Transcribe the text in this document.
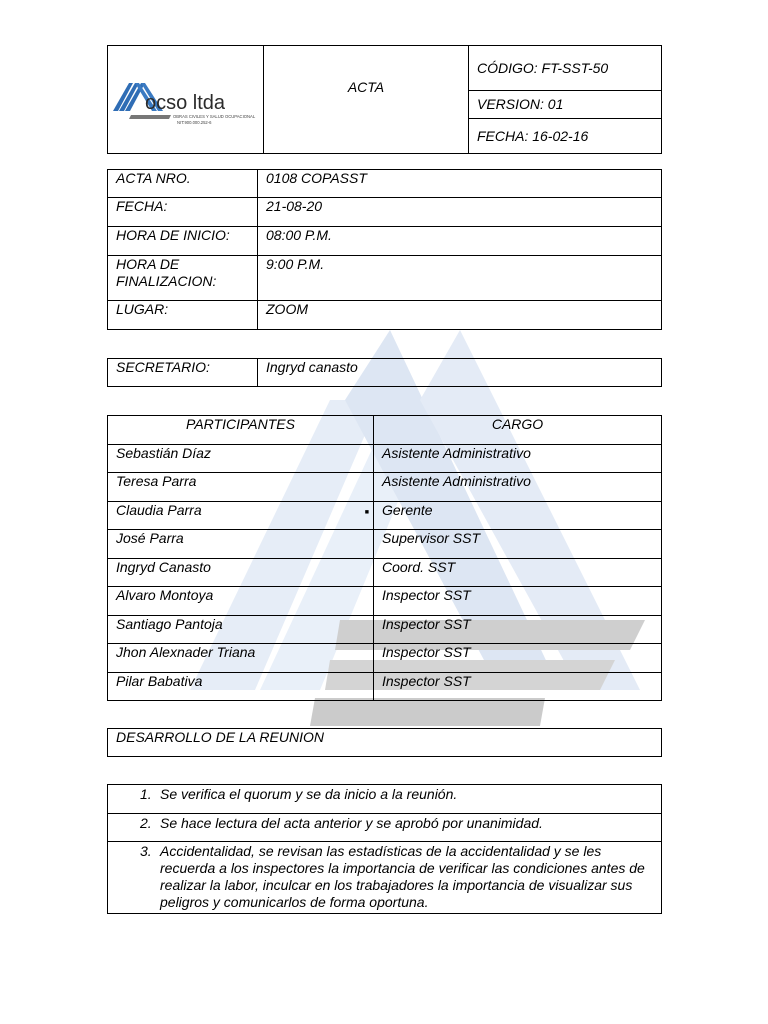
ocso ltda
OBRAS CIVILES Y SALUD OCUPACIONAL
NIT:900.000.252-6
	ACTA	CÓDIGO: FT-SST-50
VERSION: 01
FECHA: 16-02-16
ACTA NRO.	0108 COPASST
FECHA:	21-08-20
HORA DE INICIO:	08:00 P.M.
HORA DE FINALIZACION:	9:00 P.M.
LUGAR:	ZOOM
SECRETARIO:	Ingryd canasto
PARTICIPANTES	CARGO
Sebastián Díaz	Asistente Administrativo
Teresa Parra	Asistente Administrativo

■
Claudia Parra	Gerente
José Parra	Supervisor SST
Ingryd Canasto	Coord. SST
Alvaro Montoya	Inspector SST
Santiago Pantoja	Inspector SST
Jhon Alexnader Triana	Inspector SST
Pilar Babativa	Inspector SST
DESARROLLO DE LA REUNION
1. Se verifica el quorum y se da inicio a la reunión.

2. Se hace lectura del acta anterior y se aprobó por unanimidad.

3. Accidentalidad, se revisan las estadísticas de la accidentalidad y se les recuerda a los inspectores la importancia de verificar las condiciones antes de realizar la labor, inculcar en los trabajadores la importancia de visualizar sus peligros y comunicarlos de forma oportuna.
